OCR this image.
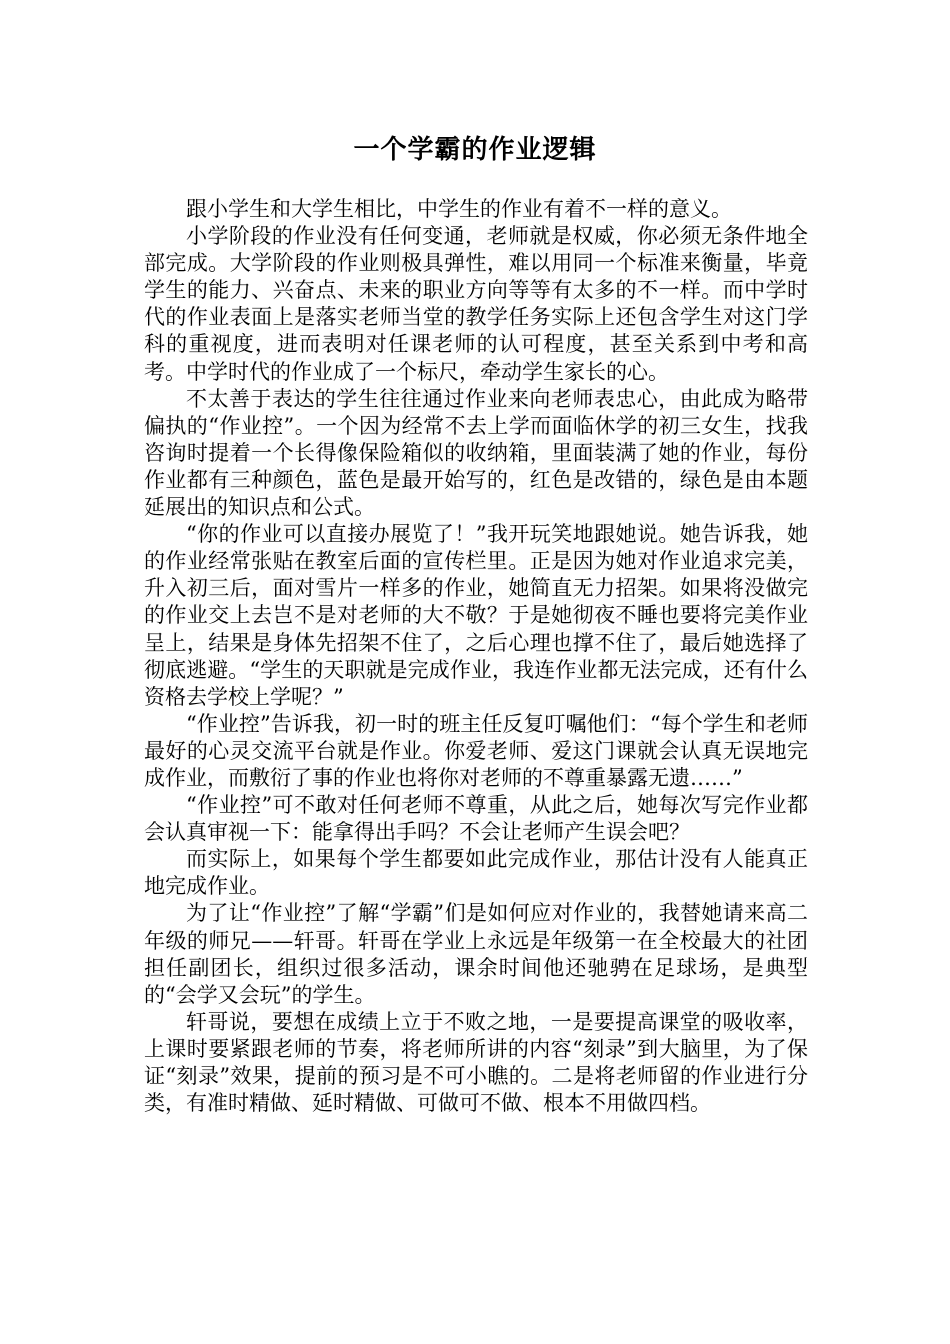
一个学霸的作业逻辑

跟小学生和大学生相比，中学生的作业有着不一样的意义。

小学阶段的作业没有任何变通，老师就是权威，你必须无条件地全部完成。大学阶段的作业则极具弹性，难以用同一个标准来衡量，毕竟学生的能力、兴奋点、未来的职业方向等等有太多的不一样。而中学时代的作业表面上是落实老师当堂的教学任务实际上还包含学生对这门学科的重视度，进而表明对任课老师的认可程度，甚至关系到中考和高考。中学时代的作业成了一个标尺，牵动学生家长的心。

不太善于表达的学生往往通过作业来向老师表忠心，由此成为略带偏执的“作业控”。一个因为经常不去上学而面临休学的初三女生，找我咨询时提着一个长得像保险箱似的收纳箱，里面装满了她的作业，每份作业都有三种颜色，蓝色是最开始写的，红色是改错的，绿色是由本题延展出的知识点和公式。

“你的作业可以直接办展览了！”我开玩笑地跟她说。她告诉我，她的作业经常张贴在教室后面的宣传栏里。正是因为她对作业追求完美，升入初三后，面对雪片一样多的作业，她简直无力招架。如果将没做完的作业交上去岂不是对老师的大不敬？于是她彻夜不睡也要将完美作业呈上，结果是身体先招架不住了，之后心理也撑不住了，最后她选择了彻底逃避。“学生的天职就是完成作业，我连作业都无法完成，还有什么资格去学校上学呢？”

“作业控”告诉我，初一时的班主任反复叮嘱他们：“每个学生和老师最好的心灵交流平台就是作业。你爱老师、爱这门课就会认真无误地完成作业，而敷衍了事的作业也将你对老师的不尊重暴露无遗……”

“作业控”可不敢对任何老师不尊重，从此之后，她每次写完作业都会认真审视一下：能拿得出手吗？不会让老师产生误会吧？

而实际上，如果每个学生都要如此完成作业，那估计没有人能真正地完成作业。

为了让“作业控”了解“学霸”们是如何应对作业的，我替她请来高二年级的师兄——轩哥。轩哥在学业上永远是年级第一在全校最大的社团担任副团长，组织过很多活动，课余时间他还驰骋在足球场，是典型的“会学又会玩”的学生。

轩哥说，要想在成绩上立于不败之地，一是要提高课堂的吸收率，上课时要紧跟老师的节奏，将老师所讲的内容“刻录”到大脑里，为了保证“刻录”效果，提前的预习是不可小瞧的。二是将老师留的作业进行分类，有准时精做、延时精做、可做可不做、根本不用做四档。
